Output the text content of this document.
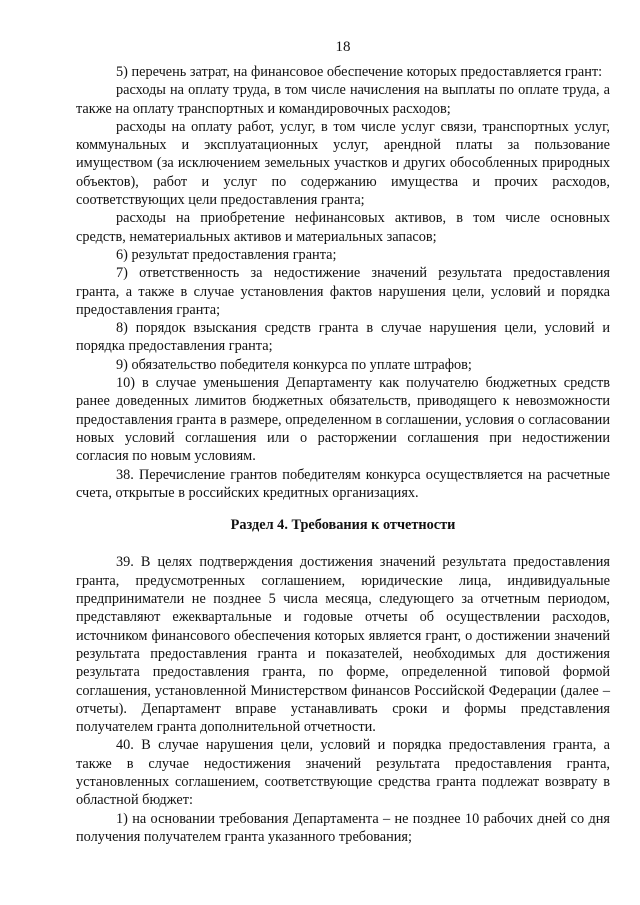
18

5) перечень затрат, на финансовое обеспечение которых предоставляется грант:

расходы на оплату труда, в том числе начисления на выплаты по оплате труда, а также на оплату транспортных и командировочных расходов;

расходы на оплату работ, услуг, в том числе услуг связи, транспортных услуг, коммунальных и эксплуатационных услуг, арендной платы за пользование имуществом (за исключением земельных участков и других обособленных природных объектов), работ и услуг по содержанию имущества и прочих расходов, соответствующих цели предоставления гранта;

расходы на приобретение нефинансовых активов, в том числе основных средств, нематериальных активов и материальных запасов;

6) результат предоставления гранта;

7) ответственность за недостижение значений результата предоставления гранта, а также в случае установления фактов нарушения цели, условий и порядка предоставления гранта;

8) порядок взыскания средств гранта в случае нарушения цели, условий и порядка предоставления гранта;

9) обязательство победителя конкурса по уплате штрафов;

10) в случае уменьшения Департаменту как получателю бюджетных средств ранее доведенных лимитов бюджетных обязательств, приводящего к невозможности предоставления гранта в размере, определенном в соглашении, условия о согласовании новых условий соглашения или о расторжении соглашения при недостижении согласия по новым условиям.

38. Перечисление грантов победителям конкурса осуществляется на расчетные счета, открытые в российских кредитных организациях.

Раздел 4. Требования к отчетности

39. В целях подтверждения достижения значений результата предоставления гранта, предусмотренных соглашением, юридические лица, индивидуальные предприниматели не позднее 5 числа месяца, следующего за отчетным периодом, представляют ежеквартальные и годовые отчеты об осуществлении расходов, источником финансового обеспечения которых является грант, о достижении значений результата предоставления гранта и показателей, необходимых для достижения результата предоставления гранта, по форме, определенной типовой формой соглашения, установленной Министерством финансов Российской Федерации (далее – отчеты). Департамент вправе устанавливать сроки и формы представления получателем гранта дополнительной отчетности.

40. В случае нарушения цели, условий и порядка предоставления гранта, а также в случае недостижения значений результата предоставления гранта, установленных соглашением, соответствующие средства гранта подлежат возврату в областной бюджет:

1) на основании требования Департамента – не позднее 10 рабочих дней со дня получения получателем гранта указанного требования;
